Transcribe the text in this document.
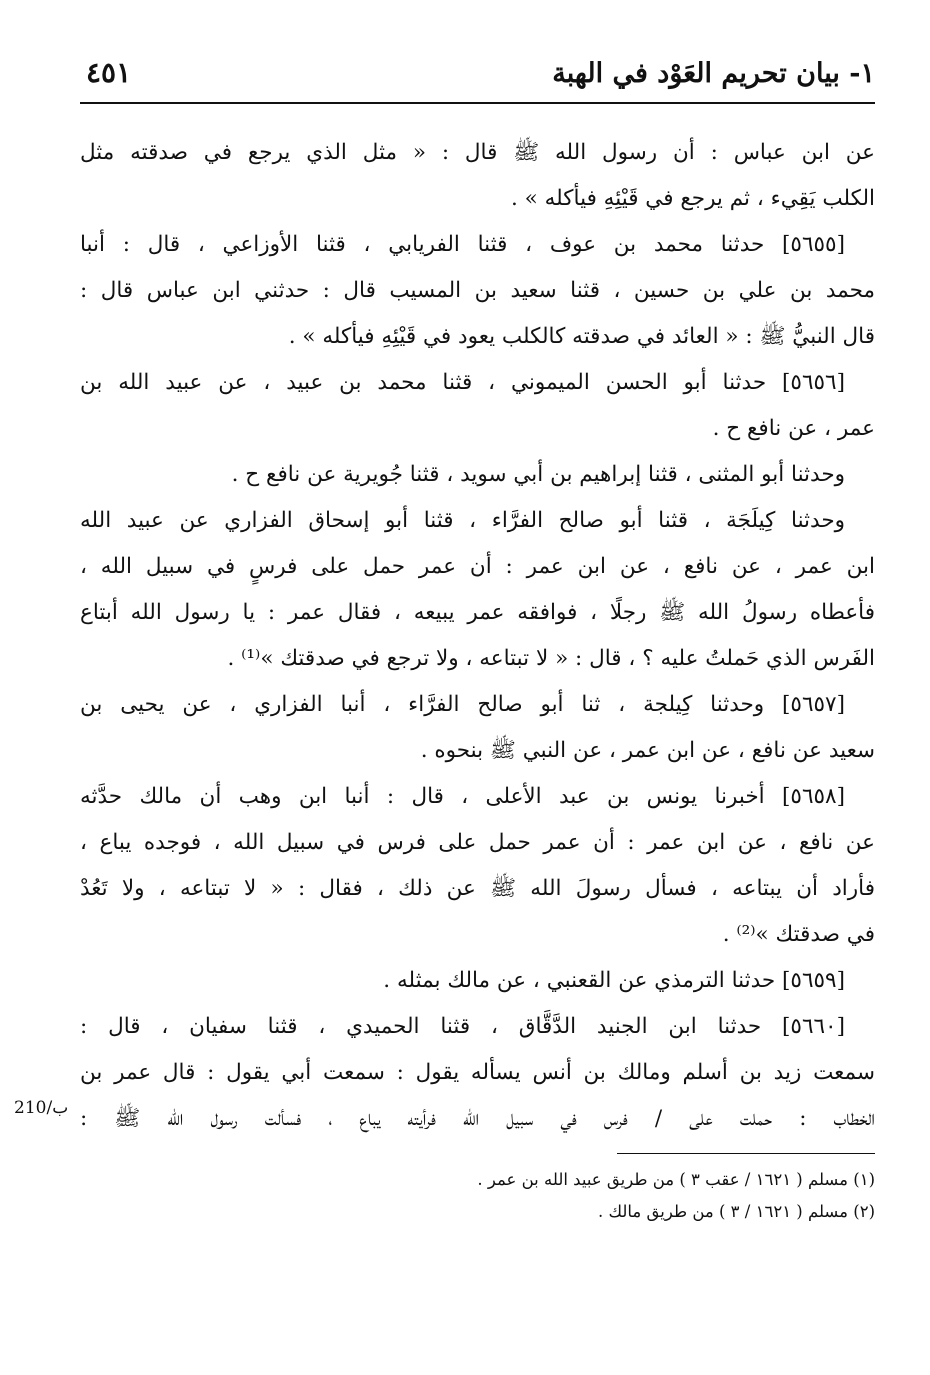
١- بيان تحريم العَوْد في الهبة
٤٥١
عن ابن عباس : أن رسول الله ﷺ قال : « مثل الذي يرجع في صدقته مثل
الكلب يَقِيء ، ثم يرجع في قَيْئِهِ فيأكله » .
[٥٦٥٥] حدثنا محمد بن عوف ، قثنا الفريابي ، قثنا الأوزاعي ، قال : أنبا
محمد بن علي بن حسين ، قثنا سعيد بن المسيب قال : حدثني ابن عباس قال :
قال النبيُّ ﷺ : « العائد في صدقته كالكلب يعود في قَيْئِهِ فيأكله » .
[٥٦٥٦] حدثنا أبو الحسن الميموني ، قثنا محمد بن عبيد ، عن عبيد الله بن
عمر ، عن نافع ح .
وحدثنا أبو المثنى ، قثنا إبراهيم بن أبي سويد ، قثنا جُويرية عن نافع ح .
وحدثنا كِيلَجَة ، قثنا أبو صالح الفرَّاء ، قثنا أبو إسحاق الفزاري عن عبيد الله
ابن عمر ، عن نافع ، عن ابن عمر : أن عمر حمل على فرسٍ في سبيل الله ،
فأعطاه رسولُ الله ﷺ رجلًا ، فوافقه عمر يبيعه ، فقال عمر : يا رسول الله أبتاع
الفَرس الذي حَملتُ عليه ؟ ، قال : « لا تبتاعه ، ولا ترجع في صدقتك »⁽¹⁾ .
[٥٦٥٧] وحدثنا كِيلجة ، ثنا أبو صالح الفرَّاء ، أنبا الفزاري ، عن يحيى بن
سعيد عن نافع ، عن ابن عمر ، عن النبي ﷺ بنحوه .
[٥٦٥٨] أخبرنا يونس بن عبد الأعلى ، قال : أنبا ابن وهب أن مالك حدَّثه
عن نافع ، عن ابن عمر : أن عمر حمل على فرس في سبيل الله ، فوجده يباع ،
فأراد أن يبتاعه ، فسأل رسولَ الله ﷺ عن ذلك ، فقال : « لا تبتاعه ، ولا تَعُدْ
في صدقتك »⁽²⁾ .
[٥٦٥٩] حدثنا الترمذي عن القعنبي ، عن مالك بمثله .
[٥٦٦٠] حدثنا ابن الجنيد الدَّقَّاق ، قثنا الحميدي ، قثنا سفيان ، قال :
سمعت زيد بن أسلم ومالك بن أنس يسأله يقول : سمعت أبي يقول : قال عمر بن
الخطاب : حملت على / فرس في سبيل الله فرأيته يباع ، فسألت رسول الله ﷺ :
210/ب
(١) مسلم ( ١٦٢١ / عقب ٣ ) من طريق عبيد الله بن عمر .
(٢) مسلم ( ١٦٢١ / ٣ ) من طريق مالك .
